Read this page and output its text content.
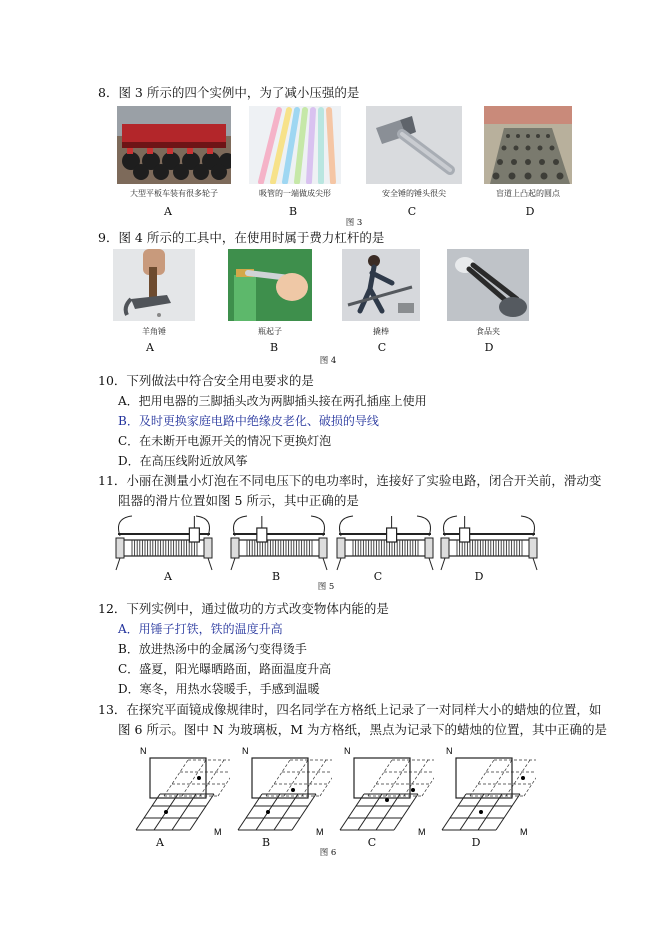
8．图 3 所示的四个实例中，为了减小压强的是
大型平板车装有很多轮子	吸管的一端做成尖形	安全锤的锤头很尖	盲道上凸起的圆点
A	B	C	D
图 3
9．图 4 所示的工具中，在使用时属于费力杠杆的是
羊角锤	瓶起子	撬棒	食品夹
A	B	C	D
图 4
10．下列做法中符合安全用电要求的是
A．把用电器的三脚插头改为两脚插头接在两孔插座上使用
B．及时更换家庭电路中绝缘皮老化、破损的导线
C．在未断开电源开关的情况下更换灯泡
D．在高压线附近放风筝
11．小丽在测量小灯泡在不同电压下的电功率时，连接好了实验电路，闭合开关前，滑动变
阻器的滑片位置如图 5 所示，其中正确的是
A	B	C	D
图 5
12．下列实例中，通过做功的方式改变物体内能的是
A．用锤子打铁，铁的温度升高
B．放进热汤中的金属汤勺变得烫手
C．盛夏，阳光曝晒路面，路面温度升高
D．寒冬，用热水袋暖手，手感到温暖
13．在探究平面镜成像规律时，四名同学在方格纸上记录了一对同样大小的蜡烛的位置，如
图 6 所示。图中 N 为玻璃板，M 为方格纸，黑点为记录下的蜡烛的位置，其中正确的是
N
M
N
M
N
M
N
M
A	B	C	D
图 6
